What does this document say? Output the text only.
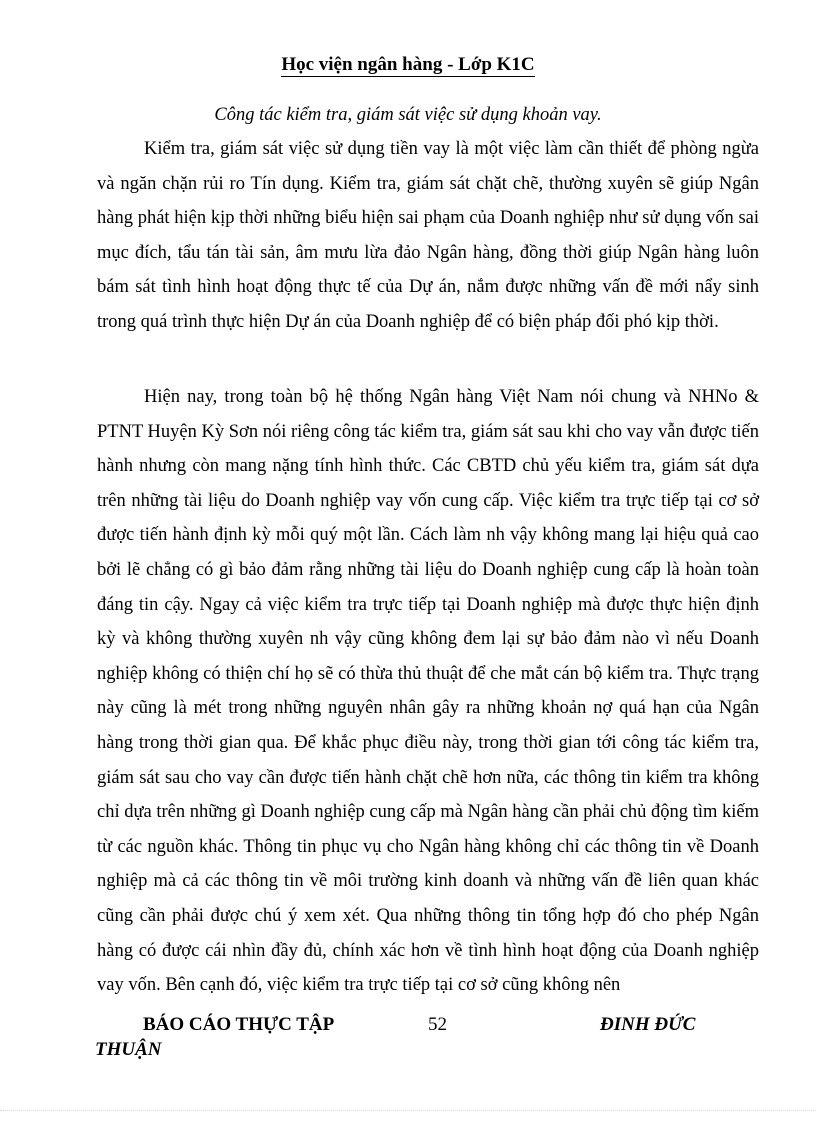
Học viện ngân hàng - Lớp K1C
Công tác kiểm tra, giám sát việc sử dụng khoản vay.

Kiểm tra, giám sát việc sử dụng tiền vay là một việc làm cần thiết để phòng ngừa và ngăn chặn rủi ro Tín dụng. Kiểm tra, giám sát chặt chẽ, thường xuyên sẽ giúp Ngân hàng phát hiện kịp thời những biểu hiện sai phạm của Doanh nghiệp như sử dụng vốn sai mục đích, tẩu tán tài sản, âm mưu lừa đảo Ngân hàng, đồng thời giúp Ngân hàng luôn bám sát tình hình hoạt động thực tế của Dự án, nắm được những vấn đề mới nẩy sinh trong quá trình thực hiện Dự án của Doanh nghiệp để có biện pháp đối phó kịp thời.

Hiện nay, trong toàn bộ hệ thống Ngân hàng Việt Nam nói chung và NHNo & PTNT Huyện Kỳ Sơn nói riêng công tác kiểm tra, giám sát sau khi cho vay vẫn được tiến hành nhưng còn mang nặng tính hình thức. Các CBTD chủ yếu kiểm tra, giám sát dựa trên những tài liệu do Doanh nghiệp vay vốn cung cấp. Việc kiểm tra trực tiếp tại cơ sở được tiến hành định kỳ mỗi quý một lần. Cách làm nh vậy không mang lại hiệu quả cao bởi lẽ chẳng có gì bảo đảm rằng những tài liệu do Doanh nghiệp cung cấp là hoàn toàn đáng tin cậy. Ngay cả việc kiểm tra trực tiếp tại Doanh nghiệp mà được thực hiện định kỳ và không thường xuyên nh vậy cũng không đem lại sự bảo đảm nào vì nếu Doanh nghiệp không có thiện chí họ sẽ có thừa thủ thuật để che mắt cán bộ kiểm tra. Thực trạng này cũng là mét trong những nguyên nhân gây ra những khoản nợ quá hạn của Ngân hàng trong thời gian qua. Để khắc phục điều này, trong thời gian tới công tác kiểm tra, giám sát sau cho vay cần được tiến hành chặt chẽ hơn nữa, các thông tin kiểm tra không chỉ dựa trên những gì Doanh nghiệp cung cấp mà Ngân hàng cần phải chủ động tìm kiếm từ các nguồn khác. Thông tin phục vụ cho Ngân hàng không chỉ các thông tin về Doanh nghiệp mà cả các thông tin về môi trường kinh doanh và những vấn đề liên quan khác cũng cần phải được chú ý xem xét. Qua những thông tin tổng hợp đó cho phép Ngân hàng có được cái nhìn đầy đủ, chính xác hơn về tình hình hoạt động của Doanh nghiệp vay vốn. Bên cạnh đó, việc kiểm tra trực tiếp tại cơ sở cũng không nên

BÁO CÁO THỰC TẬP	52	ĐINH ĐỨC
THUẬN
